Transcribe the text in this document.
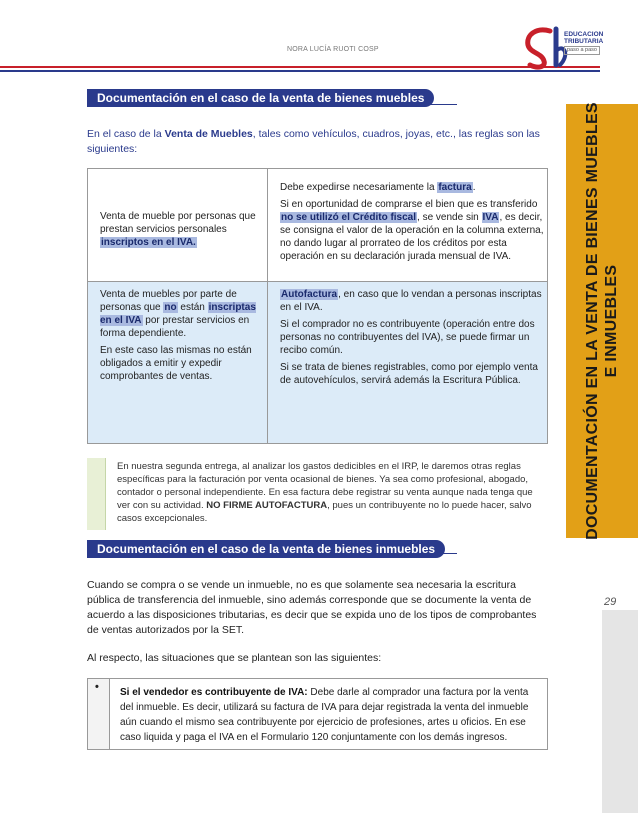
NORA LUCÍA RUOTI COSP
EDUCACION
TRIBUTARIA
paso a paso
DOCUMENTACIÓN EN LA VENTA DE BIENES MUEBLES E INMUEBLES
29
Documentación en el caso de la venta de bienes muebles
En el caso de la Venta de Muebles, tales como vehículos, cuadros, joyas, etc., las reglas son las siguientes:
Venta de mueble por personas que prestan servicios personales inscriptos en el IVA.

Debe expedirse necesariamente la factura.

Si en oportunidad de comprarse el bien que es transferido no se utilizó el Crédito fiscal, se vende sin IVA, es decir, se consigna el valor de la operación en la columna externa, no dando lugar al prorrateo de los créditos por esta operación en su declaración jurada mensual de IVA.

Venta de muebles por parte de personas que no están inscriptas en el IVA por prestar servicios en forma dependiente.

En este caso las mismas no están obligados a emitir y expedir comprobantes de ventas.

Autofactura, en caso que lo vendan a personas inscriptas en el IVA.

Si el comprador no es contribuyente (operación entre dos personas no contribuyentes del IVA), se puede firmar un recibo común.

Si se trata de bienes registrables, como por ejemplo venta de autovehículos, servirá además la Escritura Pública.

En nuestra segunda entrega, al analizar los gastos dedicibles en el IRP, le daremos otras reglas específicas para la facturación por venta ocasional de bienes. Ya sea como profesional, abogado, contador o personal independiente. En esa factura debe registrar su venta aunque nada tenga que ver con su actividad. NO FIRME AUTOFACTURA, pues un contribuyente no lo puede hacer, salvo casos excepcionales.
Documentación en el caso de la venta de bienes inmuebles
Cuando se compra o se vende un inmueble, no es que solamente sea necesaria la escritura pública de transferencia del inmueble, sino además corresponde que se documente la venta de acuerdo a las disposiciones tributarias, es decir que se expida uno de los tipos de comprobantes de ventas autorizados por la SET.
Al respecto, las situaciones que se plantean son las siguientes:
• Si el vendedor es contribuyente de IVA: Debe darle al comprador una factura por la venta del inmueble. Es decir, utilizará su factura de IVA para dejar registrada la venta del inmueble aún cuando el mismo sea contribuyente por ejercicio de profesiones, artes u oficios. En ese caso liquida y paga el IVA en el Formulario 120 conjuntamente con los demás ingresos.
